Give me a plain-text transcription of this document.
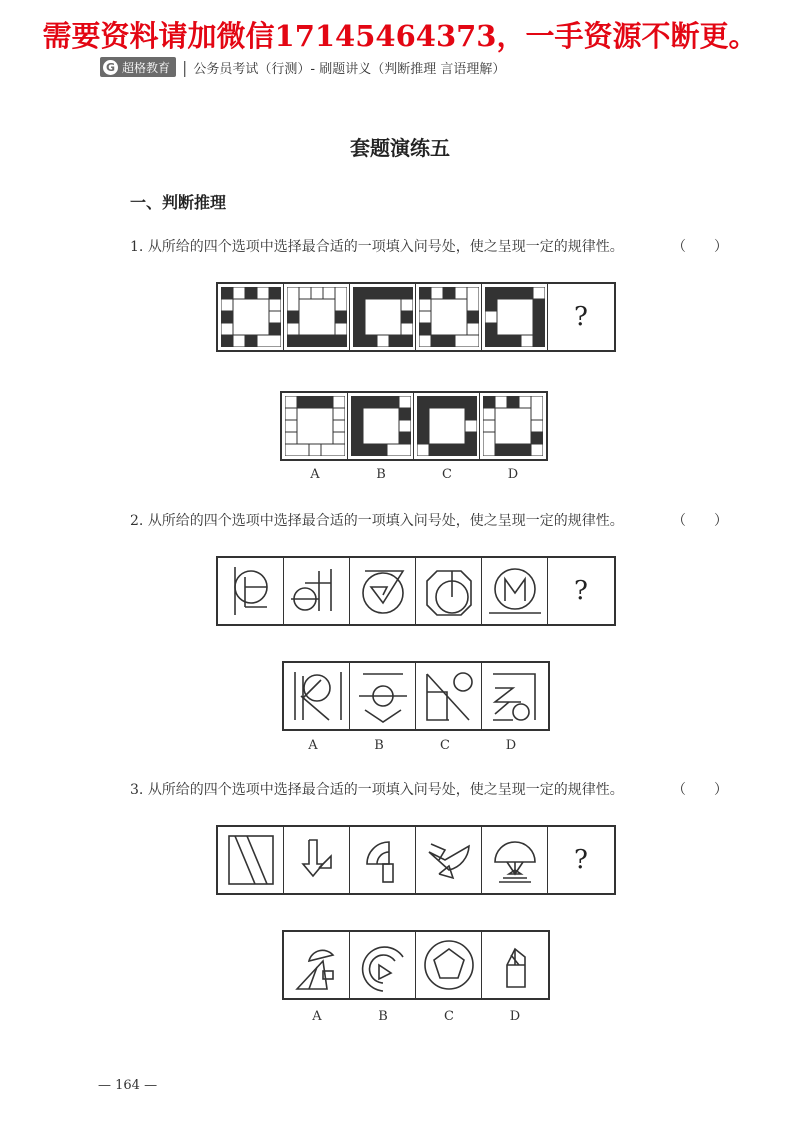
需要资料请加微信17145464373，一手资源不断更。
G 超格教育 | 公务员考试（行测）- 刷题讲义（判断推理 言语理解）
套题演练五
一、判断推理
1. 从所给的四个选项中选择最合适的一项填入问号处，使之呈现一定的规律性。	（　　）
?
A	B	C	D
2. 从所给的四个选项中选择最合适的一项填入问号处，使之呈现一定的规律性。	（　　）
?
A	B	C	D
3. 从所给的四个选项中选择最合适的一项填入问号处，使之呈现一定的规律性。	（　　）
?
A	B	C	D
— 164 —
